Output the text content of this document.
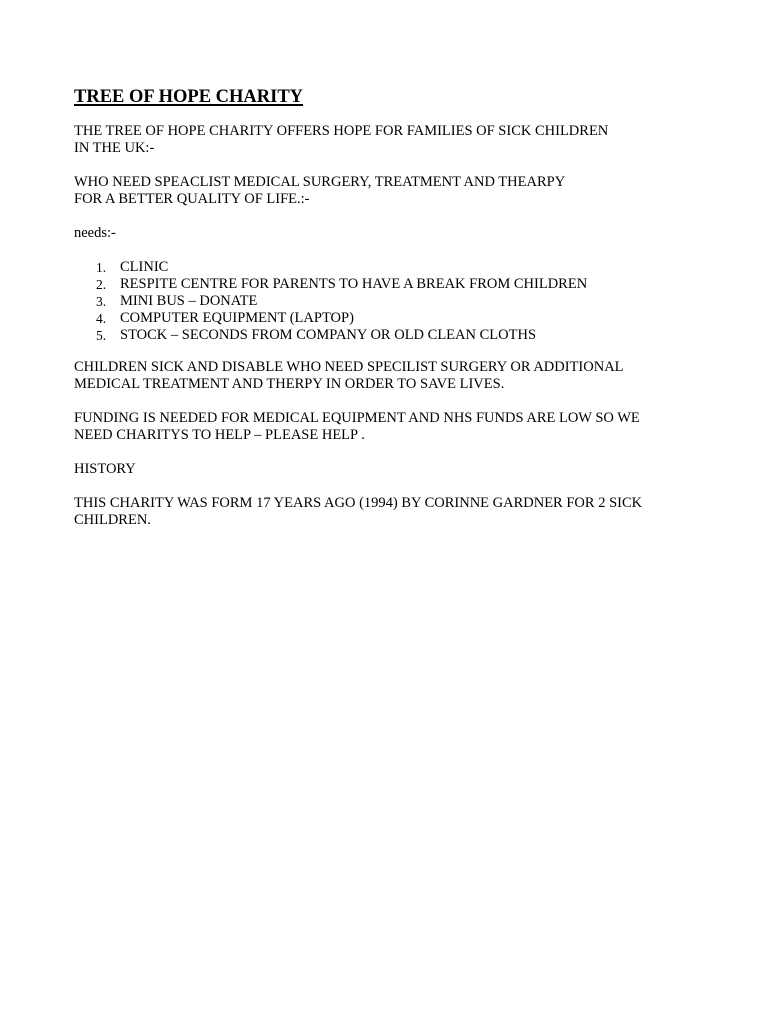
TREE OF HOPE CHARITY

THE TREE OF HOPE CHARITY OFFERS HOPE FOR FAMILIES OF SICK CHILDREN
IN THE UK:-

WHO NEED SPEACLIST MEDICAL SURGERY, TREATMENT AND THEARPY
FOR A BETTER QUALITY OF LIFE.:-

needs:-

1. CLINIC
2. RESPITE CENTRE FOR PARENTS TO HAVE A BREAK FROM CHILDREN
3. MINI BUS – DONATE
4. COMPUTER EQUIPMENT (LAPTOP)
5. STOCK – SECONDS FROM COMPANY OR OLD CLEAN CLOTHS

CHILDREN SICK AND DISABLE WHO NEED SPECILIST SURGERY OR ADDITIONAL
MEDICAL TREATMENT AND THERPY IN ORDER TO SAVE LIVES.

FUNDING IS NEEDED FOR MEDICAL EQUIPMENT AND NHS FUNDS ARE LOW SO WE
NEED CHARITYS TO HELP – PLEASE HELP .

HISTORY

THIS CHARITY WAS FORM 17 YEARS AGO (1994) BY CORINNE GARDNER FOR 2 SICK
CHILDREN.
